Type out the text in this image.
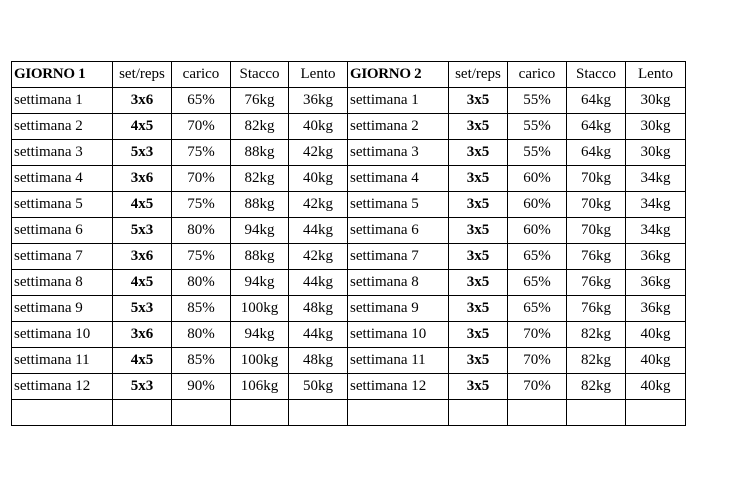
GIORNO 1	set/reps	carico	Stacco	Lento	GIORNO 2	set/reps	carico	Stacco	Lento
settimana 1	3x6	65%	76kg	36kg	settimana 1	3x5	55%	64kg	30kg
settimana 2	4x5	70%	82kg	40kg	settimana 2	3x5	55%	64kg	30kg
settimana 3	5x3	75%	88kg	42kg	settimana 3	3x5	55%	64kg	30kg
settimana 4	3x6	70%	82kg	40kg	settimana 4	3x5	60%	70kg	34kg
settimana 5	4x5	75%	88kg	42kg	settimana 5	3x5	60%	70kg	34kg
settimana 6	5x3	80%	94kg	44kg	settimana 6	3x5	60%	70kg	34kg
settimana 7	3x6	75%	88kg	42kg	settimana 7	3x5	65%	76kg	36kg
settimana 8	4x5	80%	94kg	44kg	settimana 8	3x5	65%	76kg	36kg
settimana 9	5x3	85%	100kg	48kg	settimana 9	3x5	65%	76kg	36kg
settimana 10	3x6	80%	94kg	44kg	settimana 10	3x5	70%	82kg	40kg
settimana 11	4x5	85%	100kg	48kg	settimana 11	3x5	70%	82kg	40kg
settimana 12	5x3	90%	106kg	50kg	settimana 12	3x5	70%	82kg	40kg
